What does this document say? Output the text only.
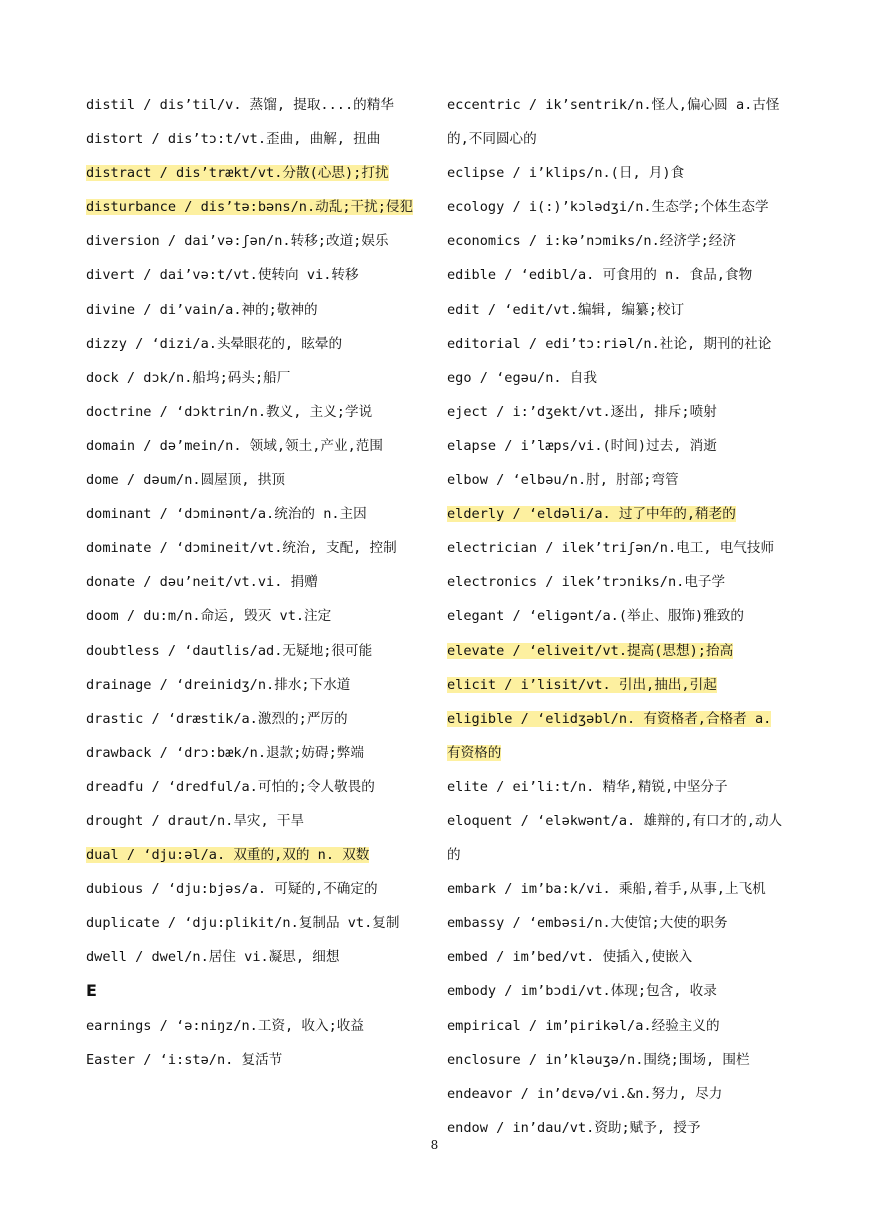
distil / dis’til/v. 蒸馏, 提取....的精华
distort / dis’tɔ:t/vt.歪曲, 曲解, 扭曲
distract / dis’trækt/vt.分散(心思);打扰
disturbance / dis’tə:bəns/n.动乱;干扰;侵犯
diversion / dai’və:ʃən/n.转移;改道;娱乐
divert / dai’və:t/vt.使转向 vi.转移
divine / di’vain/a.神的;敬神的
dizzy / ‘dizi/a.头晕眼花的, 眩晕的
dock / dɔk/n.船坞;码头;船厂
doctrine / ‘dɔktrin/n.教义, 主义;学说
domain / də’mein/n. 领域,领土,产业,范围
dome / dəum/n.圆屋顶, 拱顶
dominant / ‘dɔminənt/a.统治的 n.主因
dominate / ‘dɔmineit/vt.统治, 支配, 控制
donate / dəu’neit/vt.vi. 捐赠
doom / du:m/n.命运, 毁灭 vt.注定
doubtless / ‘dautlis/ad.无疑地;很可能
drainage / ‘dreinidʒ/n.排水;下水道
drastic / ‘dræstik/a.激烈的;严厉的
drawback / ‘drɔ:bæk/n.退款;妨碍;弊端
dreadfu / ‘dredful/a.可怕的;令人敬畏的
drought / draut/n.旱灾, 干旱
dual / ‘dju:əl/a. 双重的,双的 n. 双数
dubious / ‘dju:bjəs/a. 可疑的,不确定的
duplicate / ‘dju:plikit/n.复制品 vt.复制
dwell / dwel/n.居住 vi.凝思, 细想
E
earnings / ‘ə:niŋz/n.工资, 收入;收益
Easter / ‘i:stə/n. 复活节
eccentric / ik’sentrik/n.怪人,偏心圆 a.古怪的,不同圆心的
eclipse / i’klips/n.(日, 月)食
ecology / i(:)’kɔlədʒi/n.生态学;个体生态学
economics / i:kə’nɔmiks/n.经济学;经济
edible / ‘edibl/a. 可食用的 n. 食品,食物
edit / ‘edit/vt.编辑, 编纂;校订
editorial / edi’tɔ:riəl/n.社论, 期刊的社论
ego / ‘egəu/n. 自我
eject / i:’dʒekt/vt.逐出, 排斥;喷射
elapse / i’læps/vi.(时间)过去, 消逝
elbow / ‘elbəu/n.肘, 肘部;弯管
elderly / ‘eldəli/a. 过了中年的,稍老的
electrician / ilek’triʃən/n.电工, 电气技师
electronics / ilek’trɔniks/n.电子学
elegant / ‘eligənt/a.(举止、服饰)雅致的
elevate / ‘eliveit/vt.提高(思想);抬高
elicit / i’lisit/vt. 引出,抽出,引起
eligible / ‘elidʒəbl/n. 有资格者,合格者 a.有资格的
elite / ei’li:t/n. 精华,精锐,中坚分子
eloquent / ‘eləkwənt/a. 雄辩的,有口才的,动人的
embark / im’ba:k/vi. 乘船,着手,从事,上飞机
embassy / ‘embəsi/n.大使馆;大使的职务
embed / im’bed/vt. 使插入,使嵌入
embody / im’bɔdi/vt.体现;包含, 收录
empirical / im’pirikəl/a.经验主义的
enclosure / in’kləuʒə/n.围绕;围场, 围栏
endeavor / in’dɛvə/vi.&n.努力, 尽力
endow / in’dau/vt.资助;赋予, 授予
8
